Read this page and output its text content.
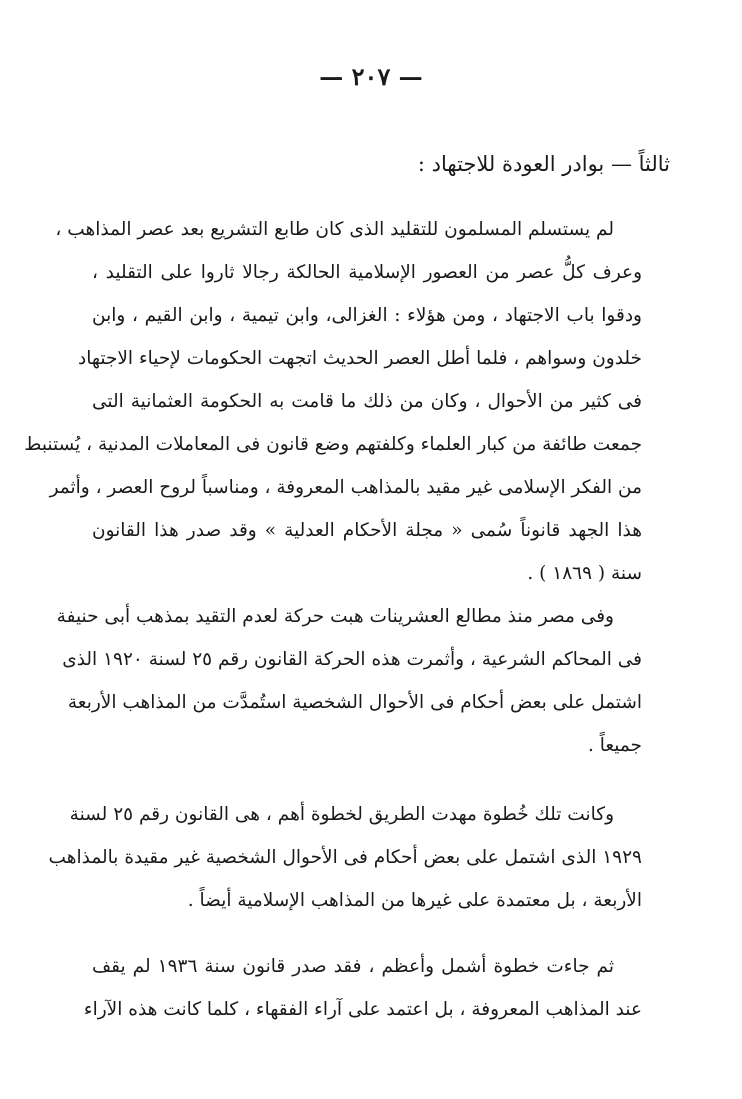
— ٢٠٧ —
ثالثاً — بوادر العودة للاجتهاد :
لم يستسلم المسلمون للتقليد الذى كان طابع التشريع بعد عصر المذاهب ،
وعرف كلُّ عصر من العصور الإسلامية الحالكة رجالا ثاروا على التقليد ،
ودقوا باب الاجتهاد ، ومن هؤلاء : الغزالى، وابن تيمية ، وابن القيم ، وابن
خلدون وسواهم ، فلما أطل العصر الحديث اتجهت الحكومات لإحياء الاجتهاد
فى كثير من الأحوال ، وكان من ذلك ما قامت به الحكومة العثمانية التى
جمعت طائفة من كبار العلماء وكلفتهم وضع قانون فى المعاملات المدنية ، يُستنبط
من الفكر الإسلامى غير مقيد بالمذاهب المعروفة ، ومناسباً لروح العصر ، وأثمر
هذا الجهد قانوناً سُمى « مجلة الأحكام العدلية » وقد صدر هذا القانون
سنة ( ١٨٦٩ ) .
وفى مصر منذ مطالع العشرينات هبت حركة لعدم التقيد بمذهب أبى حنيفة
فى المحاكم الشرعية ، وأثمرت هذه الحركة القانون رقم ٢٥ لسنة ١٩٢٠ الذى
اشتمل على بعض أحكام فى الأحوال الشخصية استُمدَّت من المذاهب الأربعة
جميعاً .
وكانت تلك خُطوة مهدت الطريق لخطوة أهم ، هى القانون رقم ٢٥ لسنة
١٩٢٩ الذى اشتمل على بعض أحكام فى الأحوال الشخصية غير مقيدة بالمذاهب
الأربعة ، بل معتمدة على غيرها من المذاهب الإسلامية أيضاً .
ثم جاءت خطوة أشمل وأعظم ، فقد صدر قانون سنة ١٩٣٦ لم يقف
عند المذاهب المعروفة ، بل اعتمد على آراء الفقهاء ، كلما كانت هذه الآراء
